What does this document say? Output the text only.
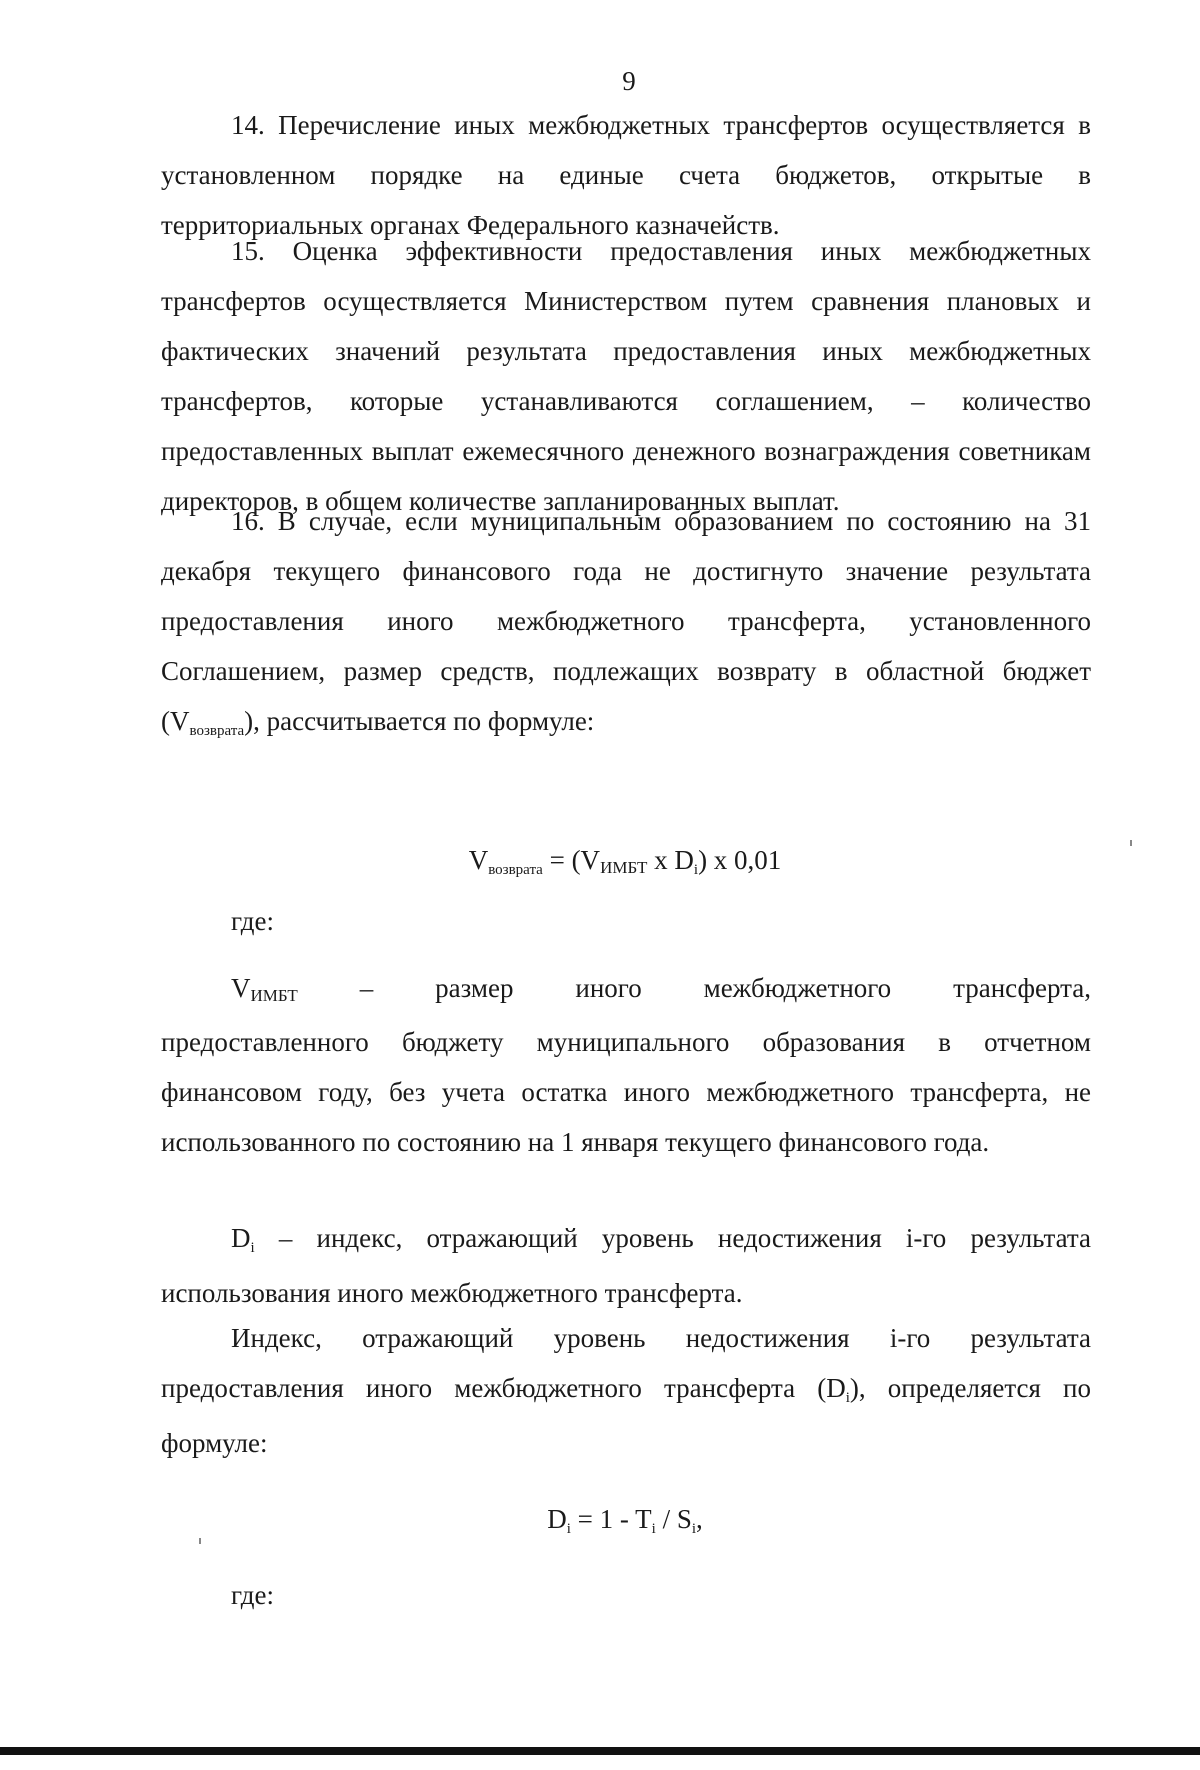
9

14. Перечисление иных межбюджетных трансфертов осуществляется в установленном порядке на единые счета бюджетов, открытые в территориальных органах Федерального казначейств.

15. Оценка эффективности предоставления иных межбюджетных трансфертов осуществляется Министерством путем сравнения плановых и фактических значений результата предоставления иных межбюджетных трансфертов, которые устанавливаются соглашением, – количество предоставленных выплат ежемесячного денежного вознаграждения советникам директоров, в общем количестве запланированных выплат.

16. В случае, если муниципальным образованием по состоянию на 31 декабря текущего финансового года не достигнуто значение результата предоставления иного межбюджетного трансферта, установленного Соглашением, размер средств, подлежащих возврату в областной бюджет $(V_{возврата})$, рассчитывается по формуле:

$V_{возврата}$ = (VИМБТ x $D_i$) x 0,01
где:
VИМБТ – размер иного межбюджетного трансферта,

предоставленного бюджету муниципального образования в отчетном финансовом году, без учета остатка иного межбюджетного трансферта, не использованного по состоянию на 1 января текущего финансового года.

$D_i$ – индекс, отражающий уровень недостижения i-го результата использования иного межбюджетного трансферта.

Индекс, отражающий уровень недостижения i-го результата предоставления иного межбюджетного трансферта $(D_i)$, определяется по формуле:

$D_i = 1 - T_i / S_i$,
где:
